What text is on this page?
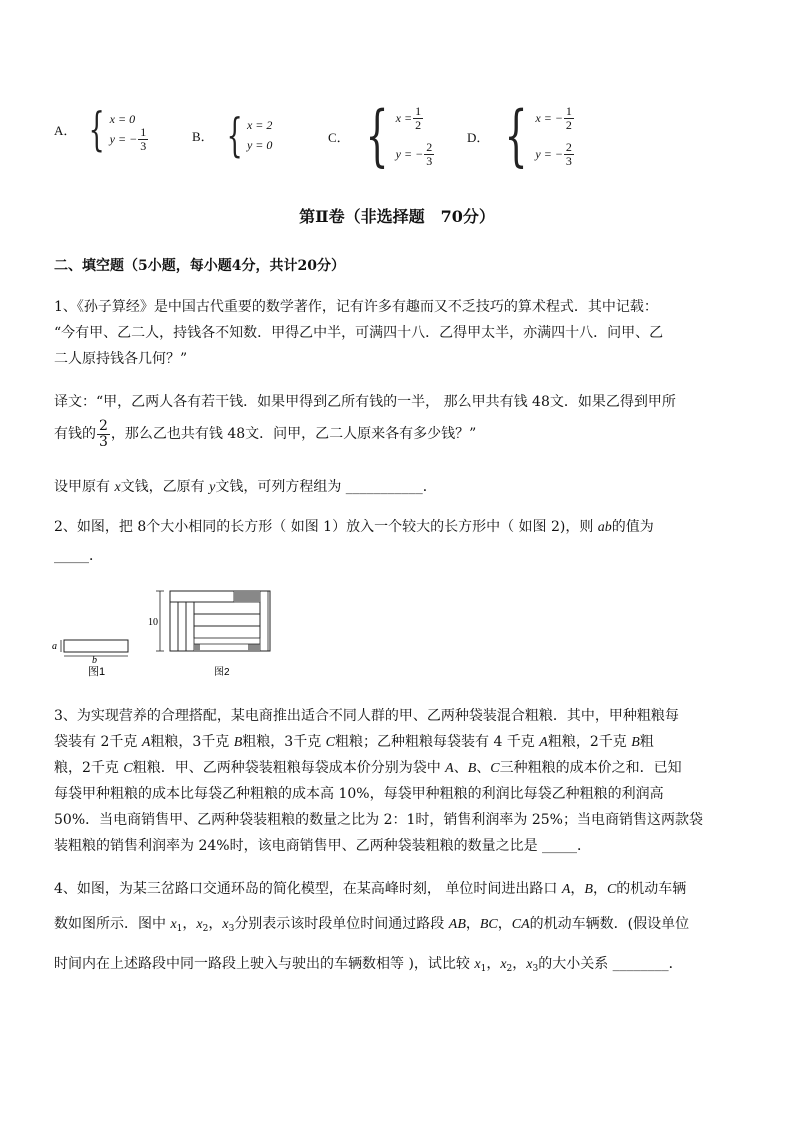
A． { x = 0
y = − $\frac{1}{3}$	B． { x = 2
y = 0	C． { $x = \frac{1}{2}$
y = − $\frac{2}{3}$
D． { x = − $\frac{1}{2}$
y = − $\frac{2}{3}$
第Ⅱ卷（非选择题　70分）
二、填空题（5小题，每小题4分，共计20分）
1、《孙子算经》是中国古代重要的数学著作，记有许多有趣而又不乏技巧的算术程式．其中记载：
“今有甲、乙二人，持钱各不知数．甲得乙中半，可满四十八．乙得甲太半，亦满四十八．问甲、乙
二人原持钱各几何？”
译文：“甲，乙两人各有若干钱．如果甲得到乙所有钱的一半， 那么甲共有钱 48文．如果乙得到甲所
有钱的 $\frac{2}{3}$ ，那么乙也共有钱 48文．问甲，乙二人原来各有多少钱？”
设甲原有 x文钱，乙原有 y文钱，可列方程组为 ___________．
2、如图，把 8个大小相同的长方形（ 如图 1）放入一个较大的长方形中（ 如图 2)，则 ab的值为
_____．
a
b
图1
10
图2
3、为实现营养的合理搭配，某电商推出适合不同人群的甲、乙两种袋装混合粗粮．其中，甲种粗粮每
袋装有 2千克 A粗粮，3千克 B粗粮，3千克 C粗粮；乙种粗粮每袋装有 4 千克 A粗粮，2千克 B粗
粮，2千克 C粗粮．甲、乙两种袋装粗粮每袋成本价分别为袋中 A、B、C三种粗粮的成本价之和．已知
每袋甲种粗粮的成本比每袋乙种粗粮的成本高 10%，每袋甲种粗粮的利润比每袋乙种粗粮的利润高
50%．当电商销售甲、乙两种袋装粗粮的数量之比为 2：1时，销售利润率为 25%；当电商销售这两款袋
装粗粮的销售利润率为 24%时，该电商销售甲、乙两种袋装粗粮的数量之比是 _____．
4、如图，为某三岔路口交通环岛的简化模型，在某高峰时刻， 单位时间进出路口 A，B，C的机动车辆
数如图所示．图中 $x_1$，$x_2$，$x_3$分别表示该时段单位时间通过路段 AB，BC，CA的机动车辆数．(假设单位
时间内在上述路段中同一路段上驶入与驶出的车辆数相等 )，试比较 $x_1$，$x_2$，$x_3$的大小关系 ________．
